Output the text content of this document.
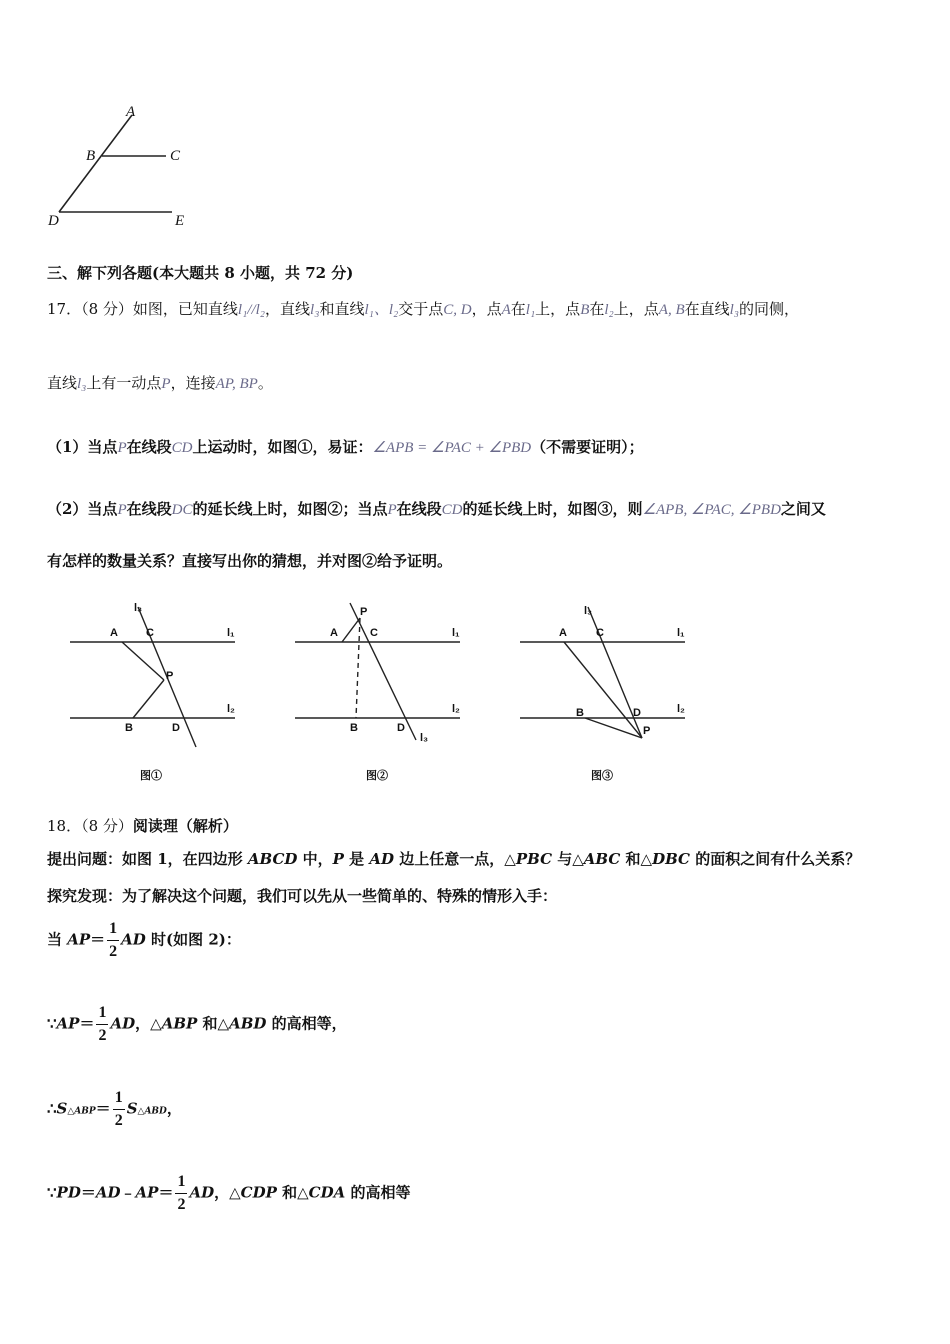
A
B	C
D	E
三、解下列各题(本大题共 8 小题，共 72 分)
17．（8 分）如图，已知直线l₁//l₂，直线l₃和直线l₁、l₂交于点C, D，点A在l₁上，点B在l₂上，点A, B在直线l₃的同侧，
直线l₃上有一动点P，连接AP, BP。
（1）当点P在线段CD上运动时，如图①，易证：∠APB = ∠PAC + ∠PBD（不需要证明）；
（2）当点P在线段DC的延长线上时，如图②；当点P在线段CD的延长线上时，如图③，则∠APB, ∠PAC, ∠PBD之间又
有怎样的数量关系？直接写出你的猜想，并对图②给予证明。
A	C
l₃
l₁
P
l₂
B	D
图①
P
A	C	l₁
l₂
B	D
l₃
图②
l₃
A	C	l₁
B	D	l₂
P
图③
18．（8 分）阅读理（解析）
提出问题：如图 1，在四边形 ABCD 中，P 是 AD 边上任意一点，△PBC 与△ABC 和△DBC 的面积之间有什么关系？
探究发现：为了解决这个问题，我们可以先从一些简单的、特殊的情形入手：
当 $AP= \frac{1}{2}$ AD 时(如图 2)：
∵AP＝ $\frac{1}{2}$ AD，△ABP 和△ABD 的高相等，
∴S△ABP＝ $\frac{1}{2}$ S△ABD，
∵PD＝AD﹣AP＝ $\frac{1}{2}$ AD，△CDP 和△CDA 的高相等
